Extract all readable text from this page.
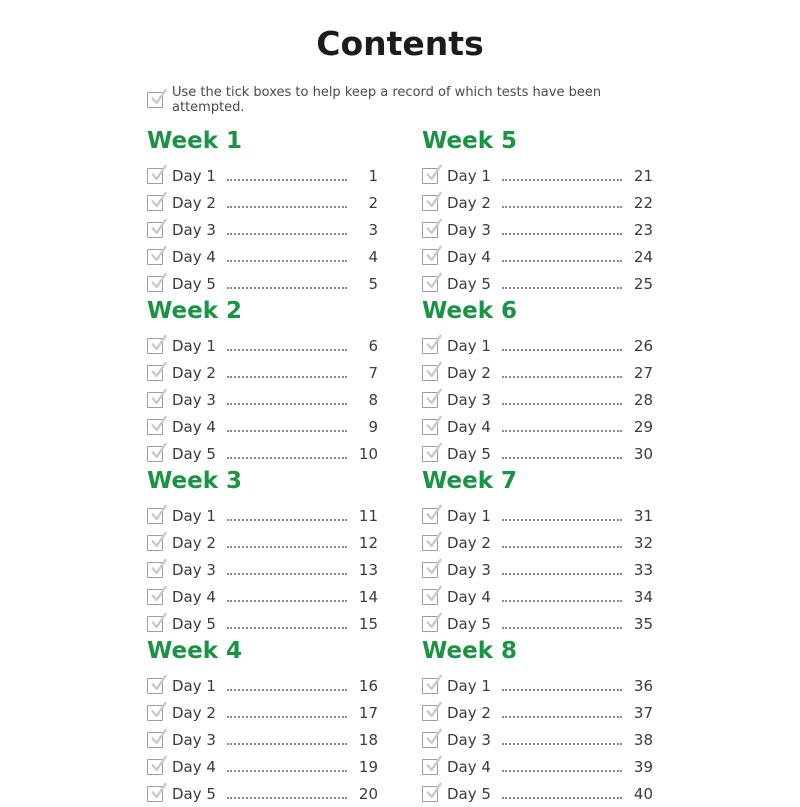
Contents
Use the tick boxes to help keep a record of which tests have been attempted.
Week 1
Day 1	1
Day 2	2
Day 3	3
Day 4	4
Day 5	5
Week 2
Day 1	6
Day 2	7
Day 3	8
Day 4	9
Day 5	10
Week 3
Day 1	11
Day 2	12
Day 3	13
Day 4	14
Day 5	15
Week 4
Day 1	16
Day 2	17
Day 3	18
Day 4	19
Day 5	20
Week 5
Day 1	21
Day 2	22
Day 3	23
Day 4	24
Day 5	25
Week 6
Day 1	26
Day 2	27
Day 3	28
Day 4	29
Day 5	30
Week 7
Day 1	31
Day 2	32
Day 3	33
Day 4	34
Day 5	35
Week 8
Day 1	36
Day 2	37
Day 3	38
Day 4	39
Day 5	40
